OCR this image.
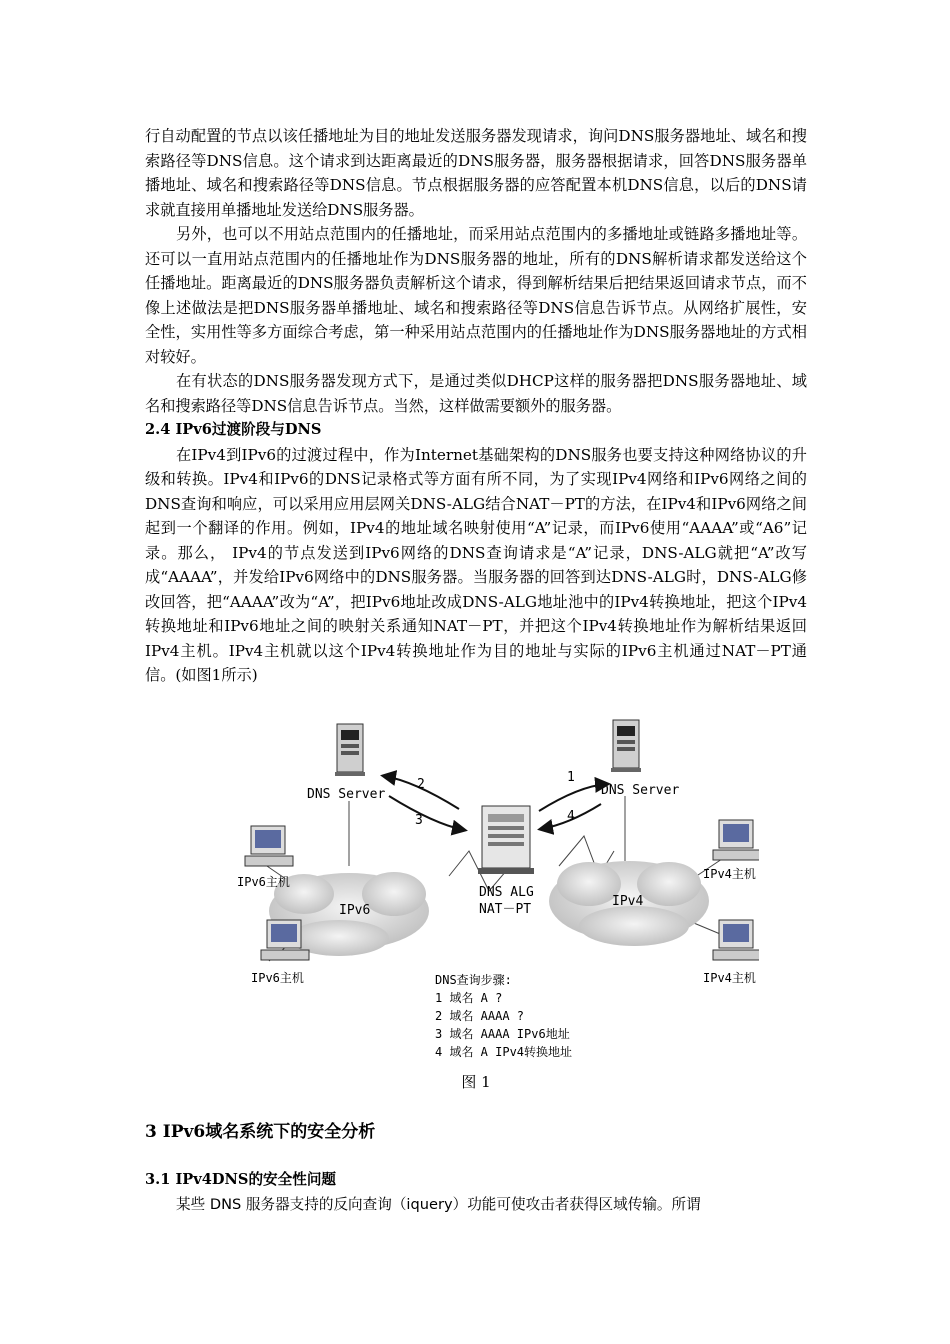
行自动配置的节点以该任播地址为目的地址发送服务器发现请求，询问DNS服务器地址、域名和搜索路径等DNS信息。这个请求到达距离最近的DNS服务器，服务器根据请求，回答DNS服务器单播地址、域名和搜索路径等DNS信息。节点根据服务器的应答配置本机DNS信息，以后的DNS请求就直接用单播地址发送给DNS服务器。

另外，也可以不用站点范围内的任播地址，而采用站点范围内的多播地址或链路多播地址等。还可以一直用站点范围内的任播地址作为DNS服务器的地址，所有的DNS解析请求都发送给这个任播地址。距离最近的DNS服务器负责解析这个请求，得到解析结果后把结果返回请求节点，而不像上述做法是把DNS服务器单播地址、域名和搜索路径等DNS信息告诉节点。从网络扩展性，安全性，实用性等多方面综合考虑，第一种采用站点范围内的任播地址作为DNS服务器地址的方式相对较好。

在有状态的DNS服务器发现方式下，是通过类似DHCP这样的服务器把DNS服务器地址、域名和搜索路径等DNS信息告诉节点。当然，这样做需要额外的服务器。

2.4 IPv6过渡阶段与DNS

在IPv4到IPv6的过渡过程中，作为Internet基础架构的DNS服务也要支持这种网络协议的升级和转换。IPv4和IPv6的DNS记录格式等方面有所不同，为了实现IPv4网络和IPv6网络之间的DNS查询和响应，可以采用应用层网关DNS-ALG结合NAT－PT的方法，在IPv4和IPv6网络之间起到一个翻译的作用。例如，IPv4的地址域名映射使用“A”记录，而IPv6使用“AAAA”或“A6”记录。那么， IPv4的节点发送到IPv6网络的DNS查询请求是“A”记录，DNS-ALG就把“A”改写成“AAAA”，并发给IPv6网络中的DNS服务器。当服务器的回答到达DNS-ALG时，DNS-ALG修改回答，把“AAAA”改为“A”，把IPv6地址改成DNS-ALG地址池中的IPv4转换地址，把这个IPv4转换地址和IPv6地址之间的映射关系通知NAT－PT，并把这个IPv4转换地址作为解析结果返回IPv4主机。IPv4主机就以这个IPv4转换地址作为目的地址与实际的IPv6主机通过NAT－PT通信。(如图1所示)

IPv6
IPv4
DNS Server	DNS Server
DNS ALG
NAT－PT
2
3
1
4
IPv6主机
IPv6主机
IPv4主机
IPv4主机
DNS查询步骤:
1 域名 A ?
2 域名 AAAA ?
3 域名 AAAA IPv6地址
4 域名 A IPv4转换地址
图 1
3 IPv6域名系统下的安全分析
3.1 IPv4DNS的安全性问题

某些 DNS 服务器支持的反向查询（iquery）功能可使攻击者获得区域传输。所谓
